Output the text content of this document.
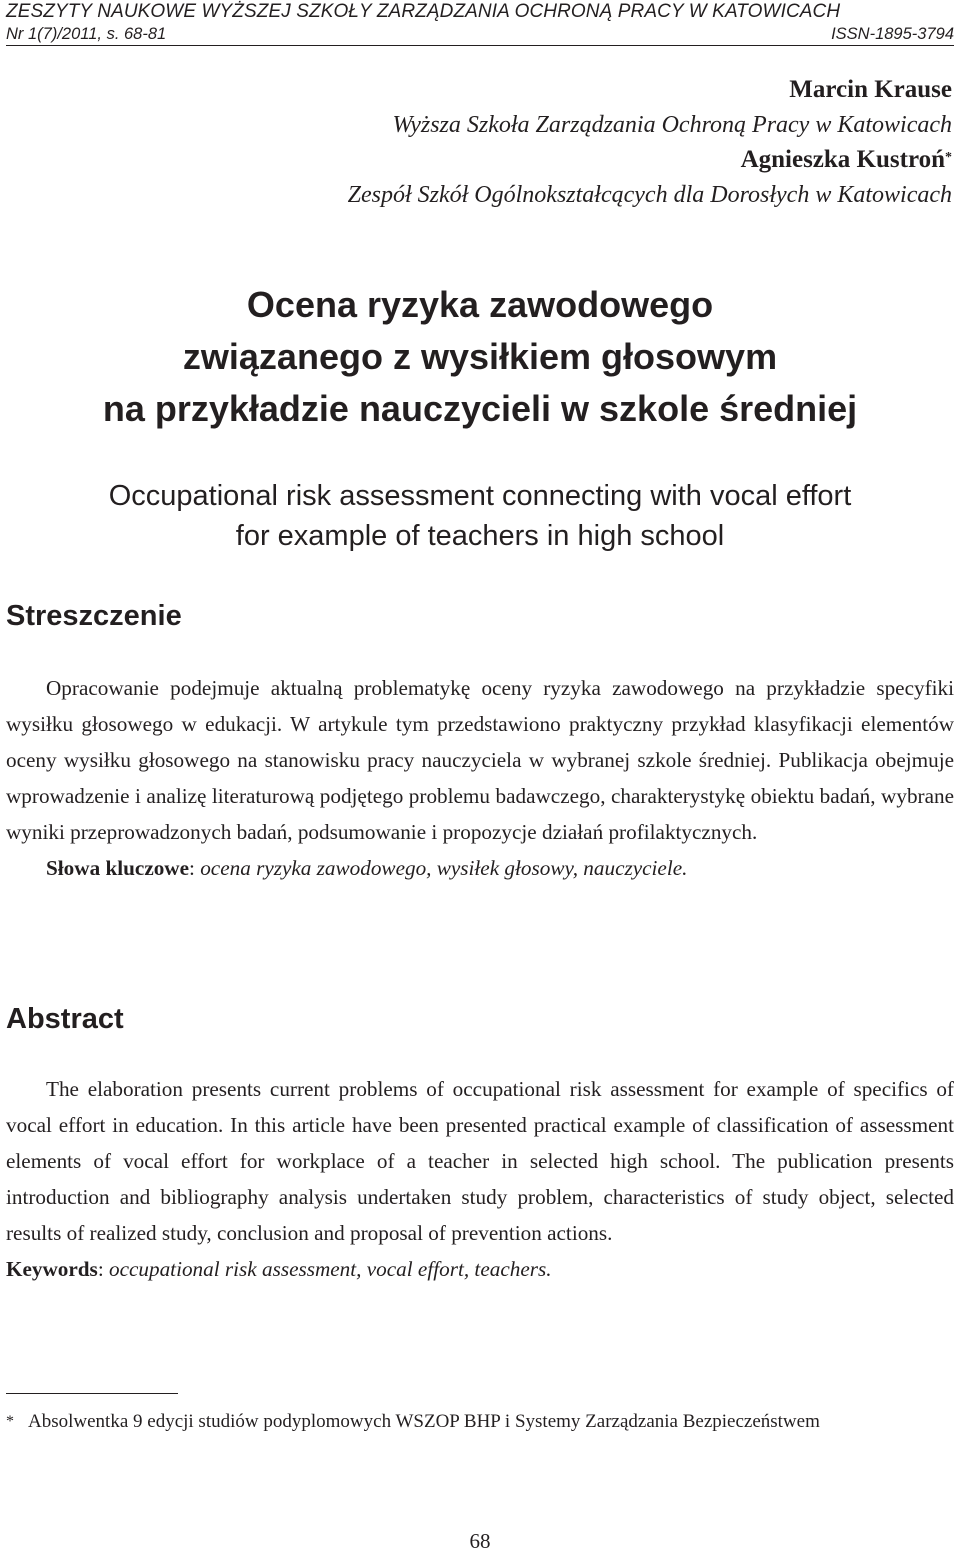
ZESZYTY NAUKOWE WYŻSZEJ SZKOŁY ZARZĄDZANIA OCHRONĄ PRACY W KATOWICACH
Nr 1(7)/2011, s. 68-81	ISSN-1895-3794
Marcin Krause
Wyższa Szkoła Zarządzania Ochroną Pracy w Katowicach
Agnieszka Kustroń*
Zespół Szkół Ogólnokształcących dla Dorosłych w Katowicach
Ocena ryzyka zawodowego
związanego z wysiłkiem głosowym
na przykładzie nauczycieli w szkole średniej
Occupational risk assessment connecting with vocal effort
for example of teachers in high school
Streszczenie

Opracowanie podejmuje aktualną problematykę oceny ryzyka zawodowego na przykładzie specyfiki wysiłku głosowego w edukacji. W artykule tym przedstawiono praktyczny przykład klasyfikacji elementów oceny wysiłku głosowego na stanowisku pracy nauczyciela w wybranej szkole średniej. Publikacja obejmuje wprowadzenie i analizę literaturową podjętego problemu badawczego, charakterystykę obiektu badań, wybrane wyniki przeprowadzonych badań, podsumowanie i propozycje działań profilaktycznych.

Słowa kluczowe: ocena ryzyka zawodowego, wysiłek głosowy, nauczyciele.

Abstract

The elaboration presents current problems of occupational risk assessment for example of specifics of vocal effort in education. In this article have been presented practical example of classification of assessment elements of vocal effort for workplace of a teacher in selected high school. The publication presents introduction and bibliography analysis undertaken study problem, characteristics of study object, selected results of realized study, conclusion and proposal of prevention actions.

Keywords: occupational risk assessment, vocal effort, teachers.

* Absolwentka 9 edycji studiów podyplomowych WSZOP BHP i Systemy Zarządzania Bezpieczeństwem
68
